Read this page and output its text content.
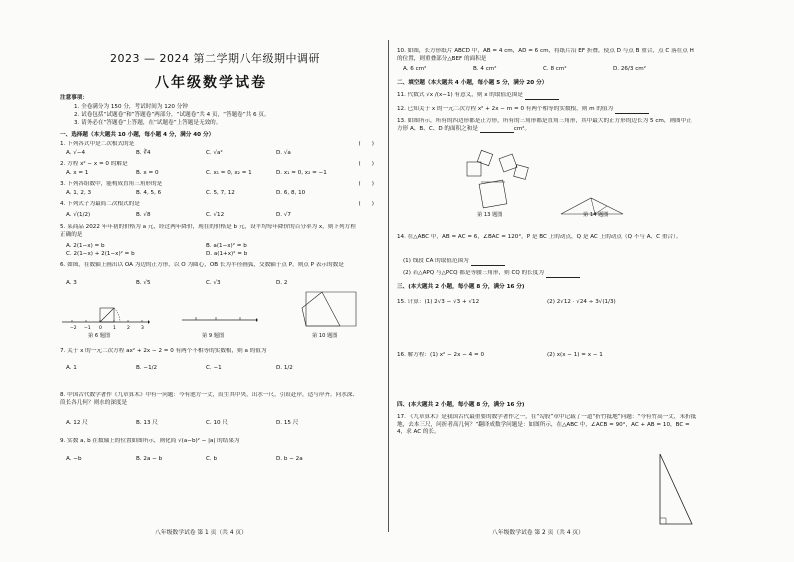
2023 — 2024 第二学期八年级期中调研
八年级数学试卷
注意事项：
1. 全卷满分为 150 分，考试时间为 120 分钟
2. 试卷包括“试题卷”和“答题卷”两部分，“试题卷”共 4 页，“答题卷”共 6 页。
3. 请务必在“答题卷”上答题，在“试题卷”上答题是无效的。
一、选择题（本大题共 10 小题，每小题 4 分，满分 40 分）
1. 下列各式中是二次根式的是	(　　)
A. √−4	B. ∛4	C. √a²	D. √a
2. 方程 x² − x = 0 的解是	(　　)
A. x = 1	B. x = 0	C. x₁ = 0, x₂ = 1	D. x₁ = 0, x₂ = −1
3. 下列各组数中，能构成直角三角形的是	(　　)
A. 1, 2, 3	B. 4, 5, 6	C. 5, 7, 12	D. 6, 8, 10
4. 下列式子为最简二次根式的是	(　　)
A. √(1/2)	B. √8	C. √12	D. √7
5. 某商品 2022 年年初的价格为 a 元，经过两年降价，现在的价格是 b 元，设平均每年降价的百分率为 x，则下列方程正确的是
A. 2(1−x) = b	B. a(1−x)² = b
C. 2(1−x) + 2(1−x)² = b	D. a(1+x)² = b
6. 如图，在数轴上画出以 OA 为边的正方形，以 O 为圆心，OB 长为半径画弧，交数轴于点 P，则点 P 表示的数是
A. 3	B. √5	C. √3	D. 2
−2 −1 0 1 2 3
第 6 题图	第 9 题图	第 10 题图
7. 关于 x 的一元二次方程 ax² + 2x − 2 = 0 有两个不相等的实数根，则 a 的值为
A. 1	B. −1/2	C. −1	D. 1/2
8. 中国古代数学著作《九章算术》中有一问题：今有池方一丈，葭生其中央，出水一尺，引葭赴岸，适与岸齐。问水深、葭长各几何？则水的深度是
A. 12 尺	B. 13 尺	C. 10 尺	D. 15 尺
9. 实数 a, b 在数轴上的位置如图所示，则化简 √(a−b)² − |a| 的结果为
A. −b	B. 2a − b	C. b	D. b − 2a
八年级数学试卷 第 1 页（共 4 页）
10. 如图，长方形纸片 ABCD 中，AB = 4 cm，AD = 6 cm，将纸片沿 EF 折叠，使点 D 与点 B 重合，点 C 落在点 H 的位置，则重叠部分△BEF 的面积是
A. 6 cm²	B. 4 cm²	C. 8 cm²	D. 26/3 cm²
二、填空题（本大题共 4 小题，每小题 5 分，满分 20 分）
11. 代数式 √x /(x−1) 有意义，则 x 的取值范围是
12. 已知关于 x 的一元二次方程 x² + 2x − m = 0 有两个相等的实数根，则 m 的值为
13. 如图所示，所有的四边形都是正方形，所有的三角形都是直角三角形，其中最大的正方形的边长为 5 cm，则图中正方形 A、B、C、D 的面积之和是	cm²。
第 13 题图	第 14 题图
14. 在△ABC 中，AB = AC = 6，∠BAC = 120°，P 是 BC 上的动点，Q 是 AC 上的动点（Q 不与 A、C 重合）。
(1) 线段 CA 的取值范围为
(2) 若△APQ 与△PCQ 都是等腰三角形，则 CQ 的长度为
三、(本大题共 2 小题，每小题 8 分，满分 16 分)
15. 计算：(1) 2√3 − √3 + √12	(2) 2√12 · √24 ÷ 3√(1/3)
16. 解方程：(1) x² − 2x − 4 = 0	(2) x(x − 1) = x − 1
四、(本大题共 2 小题，每小题 8 分，满分 16 分)
17. 《九章算术》是我国古代最重要的数学著作之一，在“勾股”章中记载了一道“折竹抵地”问题：“今有竹高一丈，末折抵地，去本三尺，问折者高几何？”翻译成数学问题是：如图所示，在△ABC 中，∠ACB = 90°，AC + AB = 10，BC = 4，求 AC 的长。
八年级数学试卷 第 2 页（共 4 页）
